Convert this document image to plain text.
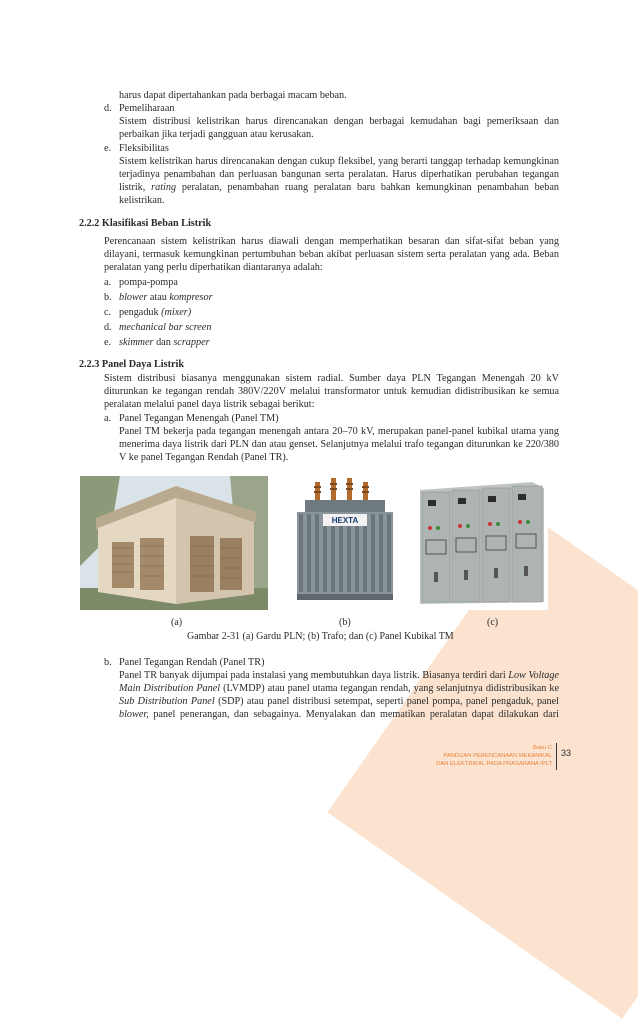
harus dapat dipertahankan pada berbagai macam beban.
d. Pemeliharaan
Sistem distribusi kelistrikan harus direncanakan dengan berbagai kemudahan bagi pemeriksaan dan
perbaikan jika terjadi gangguan atau kerusakan.
e. Fleksibilitas
Sistem kelistrikan harus direncanakan dengan cukup fleksibel, yang berarti tanggap terhadap kemungkinan
terjadinya penambahan dan perluasan bangunan serta peralatan. Harus diperhatikan perubahan tegangan
listrik, rating peralatan, penambahan ruang peralatan baru bahkan kemungkinan penambahan beban
kelistrikan.
2.2.2 Klasifikasi Beban Listrik
Perencanaan sistem kelistrikan harus diawali dengan memperhatikan besaran dan sifat-sifat beban yang
dilayani, termasuk kemungkinan pertumbuhan beban akibat perluasan sistem serta peralatan yang ada. Beban
peralatan yang perlu diperhatikan diantaranya adalah:
a. pompa-pompa
b. blower atau kompresor
c. pengaduk (mixer)
d. mechanical bar screen
e. skimmer dan scrapper
2.2.3 Panel Daya Listrik
Sistem distribusi biasanya menggunakan sistem radial. Sumber daya PLN Tegangan Menengah 20 kV
diturunkan ke tegangan rendah 380V/220V melalui transformator untuk kemudian didistribusikan ke semua
peralatan melalui panel daya listrik sebagai berikut:
a. Panel Tegangan Menengah (Panel TM)
Panel TM bekerja pada tegangan menengah antara 20–70 kV, merupakan panel-panel kubikal utama yang
menerima daya listrik dari PLN dan atau genset. Selanjutnya melalui trafo tegangan diturunkan ke 220/380
V ke panel Tegangan Rendah (Panel TR).
HEXTA
(a)	(b)	(c)
Gambar 2-31 (a) Gardu PLN; (b) Trafo; dan (c) Panel Kubikal TM
b. Panel Tegangan Rendah (Panel TR)
Panel TR banyak dijumpai pada instalasi yang membutuhkan daya listrik. Biasanya terdiri dari Low Voltage
Main Distribution Panel (LVMDP) atau panel utama tegangan rendah, yang selanjutnya didistribusikan ke
Sub Distribution Panel (SDP) atau panel distribusi setempat, seperti panel pompa, panel pengaduk, panel
blower, panel penerangan, dan sebagainya. Menyalakan dan mematikan peralatan dapat dilakukan dari
Buku C
PANDUAN PERENCANAAN MEKANIKAL
DAN ELEKTRIKAL PADA PRASARANA IPLT
33
